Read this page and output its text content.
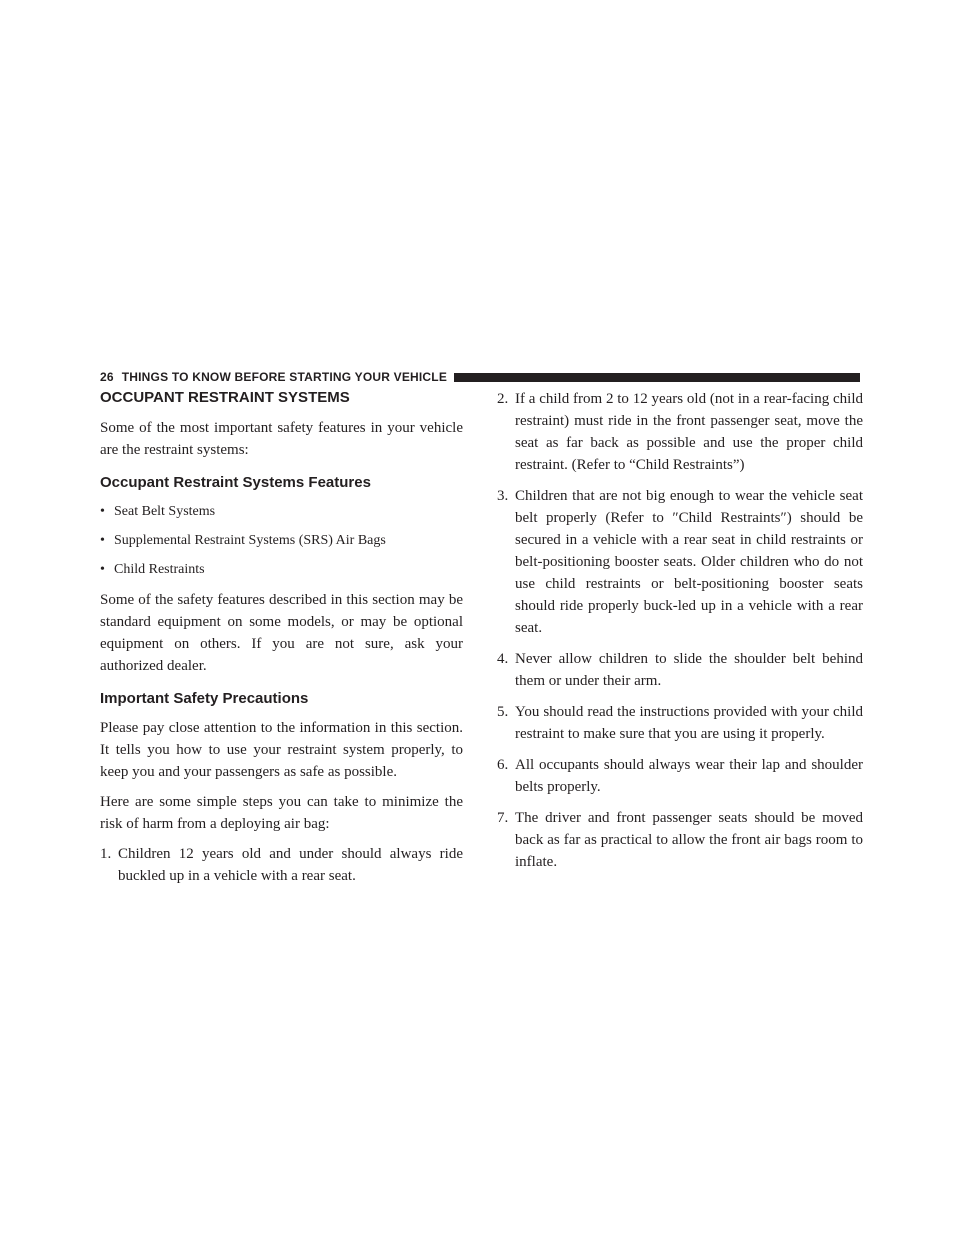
26 THINGS TO KNOW BEFORE STARTING YOUR VEHICLE
OCCUPANT RESTRAINT SYSTEMS

Some of the most important safety features in your vehicle are the restraint systems:

Occupant Restraint Systems Features
• Seat Belt Systems
• Supplemental Restraint Systems (SRS) Air Bags
• Child Restraints

Some of the safety features described in this section may be standard equipment on some models, or may be optional equipment on others. If you are not sure, ask your authorized dealer.

Important Safety Precautions

Please pay close attention to the information in this section. It tells you how to use your restraint system properly, to keep you and your passengers as safe as possible.

Here are some simple steps you can take to minimize the risk of harm from a deploying air bag:

1. Children 12 years old and under should always ride buckled up in a vehicle with a rear seat.
2. If a child from 2 to 12 years old (not in a rear-facing child restraint) must ride in the front passenger seat, move the seat as far back as possible and use the proper child restraint. (Refer to “Child Restraints”)
3. Children that are not big enough to wear the vehicle seat belt properly (Refer to ″Child Restraints″) should be secured in a vehicle with a rear seat in child restraints or belt-positioning booster seats. Older children who do not use child restraints or belt-positioning booster seats should ride properly buck-led up in a vehicle with a rear seat.
4. Never allow children to slide the shoulder belt behind them or under their arm.
5. You should read the instructions provided with your child restraint to make sure that you are using it properly.
6. All occupants should always wear their lap and shoulder belts properly.
7. The driver and front passenger seats should be moved back as far as practical to allow the front air bags room to inflate.
